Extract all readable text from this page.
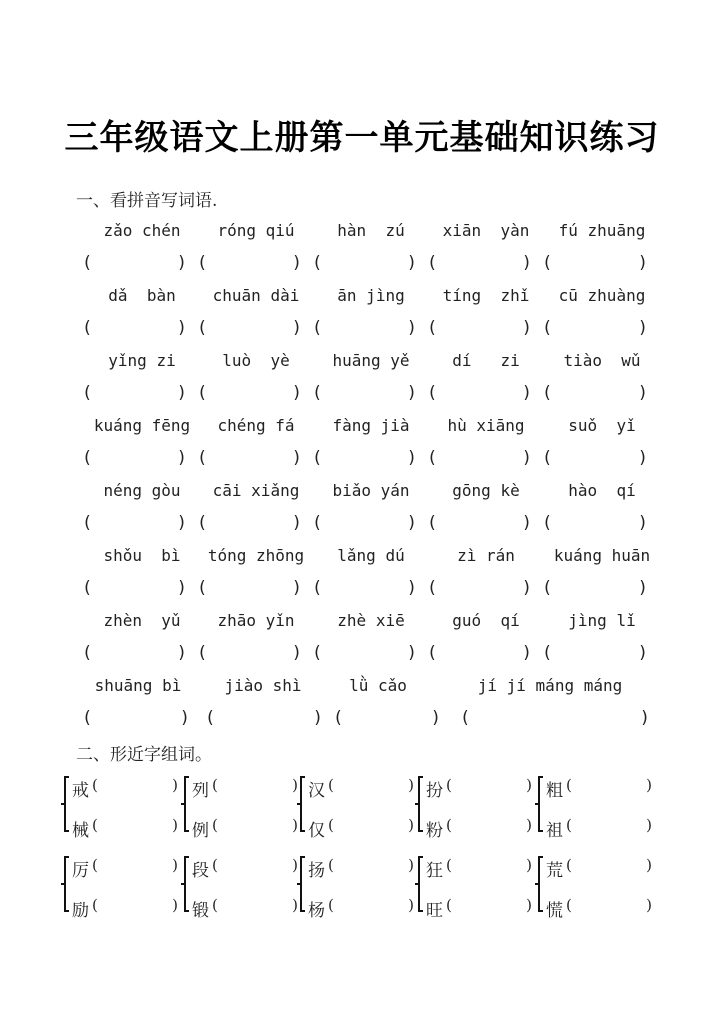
三年级语文上册第一单元基础知识练习
一、看拼音写词语.
zǎo chén	róng qiú	hàn  zú	xiān  yàn	fú zhuāng
(	) (	) (	) (	) (	)
dǎ  bàn	chuān dài	ān jìng	tíng  zhǐ	cū zhuàng
(	) (	) (	) (	) (	)
yǐng zi	luò  yè	huāng yě	dí   zi	tiào  wǔ
(	) (	) (	) (	) (	)
kuáng fēng	chéng fá	fàng jià	hù xiāng	suǒ  yǐ
(	) (	) (	) (	) (	)
néng gòu	cāi xiǎng	biǎo yán	gōng kè	hào  qí
(	) (	) (	) (	) (	)
shǒu  bì	tóng zhōng	lǎng dú	zì rán	kuáng huān
(	) (	) (	) (	) (	)
zhèn  yǔ	zhāo yǐn	zhè xiē	guó  qí	jìng lǐ
(	) (	) (	) (	) (	)
shuāng bì	jiào shì	lǜ cǎo	jí jí máng máng
(	) (	) (	) (	)
二、形近字组词。
戒 (	)
械 (	)
列 (	)
例 (	)
汉 (	)
仅 (	)
扮 (	)
粉 (	)
粗 (	)
祖 (	)
厉 (	)
励 (	)
段 (	)
锻 (	)
扬 (	)
杨 (	)
狂 (	)
旺 (	)
荒 (	)
慌 (	)
